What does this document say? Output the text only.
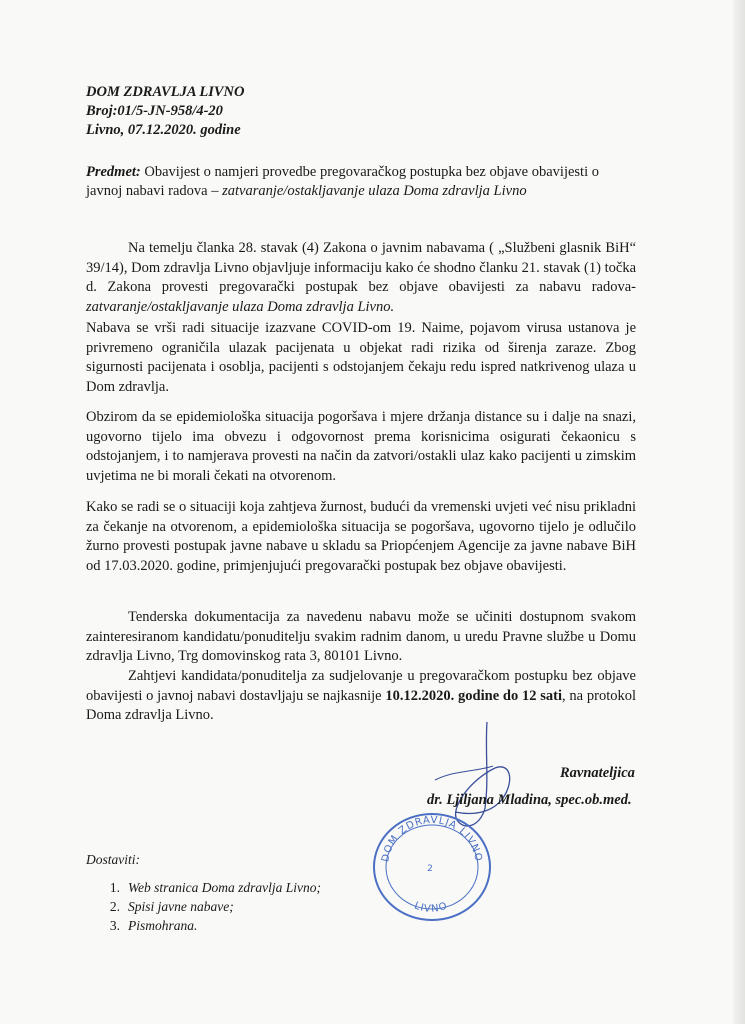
DOM ZDRAVLJA LIVNO
Broj:01/5-JN-958/4-20
Livno, 07.12.2020. godine
Predmet: Obavijest o namjeri provedbe pregovaračkog postupka bez objave obavijesti o javnoj nabavi radova – zatvaranje/ostakljavanje ulaza Doma zdravlja Livno
Na temelju članka 28. stavak (4) Zakona o javnim nabavama ( „Službeni glasnik BiH“ 39/14), Dom zdravlja Livno objavljuje informaciju kako će shodno članku 21. stavak (1) točka d. Zakona provesti pregovarački postupak bez objave obavijesti za nabavu radova-zatvaranje/ostakljavanje ulaza Doma zdravlja Livno.
Nabava se vrši radi situacije izazvane COVID-om 19. Naime, pojavom virusa ustanova je privremeno ograničila ulazak pacijenata u objekat radi rizika od širenja zaraze. Zbog sigurnosti pacijenata i osoblja, pacijenti s odstojanjem čekaju redu ispred natkrivenog ulaza u Dom zdravlja.
Obzirom da se epidemiološka situacija pogoršava i mjere držanja distance su i dalje na snazi, ugovorno tijelo ima obvezu i odgovornost prema korisnicima osigurati čekaonicu s odstojanjem, i to namjerava provesti na način da zatvori/ostakli ulaz kako pacijenti u zimskim uvjetima ne bi morali čekati na otvorenom.
Kako se radi se o situaciji koja zahtjeva žurnost, budući da vremenski uvjeti već nisu prikladni za čekanje na otvorenom, a epidemiološka situacija se pogoršava, ugovorno tijelo je odlučilo žurno provesti postupak javne nabave u skladu sa Priopćenjem Agencije za javne nabave BiH od 17.03.2020. godine, primjenjujući pregovarački postupak bez objave obavijesti.
Tenderska dokumentacija za navedenu nabavu može se učiniti dostupnom svakom zainteresiranom kandidatu/ponuditelju svakim radnim danom, u uredu Pravne službe u Domu zdravlja Livno, Trg domovinskog rata 3, 80101 Livno.
Zahtjevi kandidata/ponuditelja za sudjelovanje u pregovaračkom postupku bez objave obavijesti o javnoj nabavi dostavljaju se najkasnije 10.12.2020. godine do 12 sati, na protokol Doma zdravlja Livno.
Ravnateljica
dr. Ljiljana Mladina, spec.ob.med.
DOM ZDRAVLJA LIVNO
LIVNO
2
Dostaviti:
1. Web stranica Doma zdravlja Livno;
2. Spisi javne nabave;
3. Pismohrana.
